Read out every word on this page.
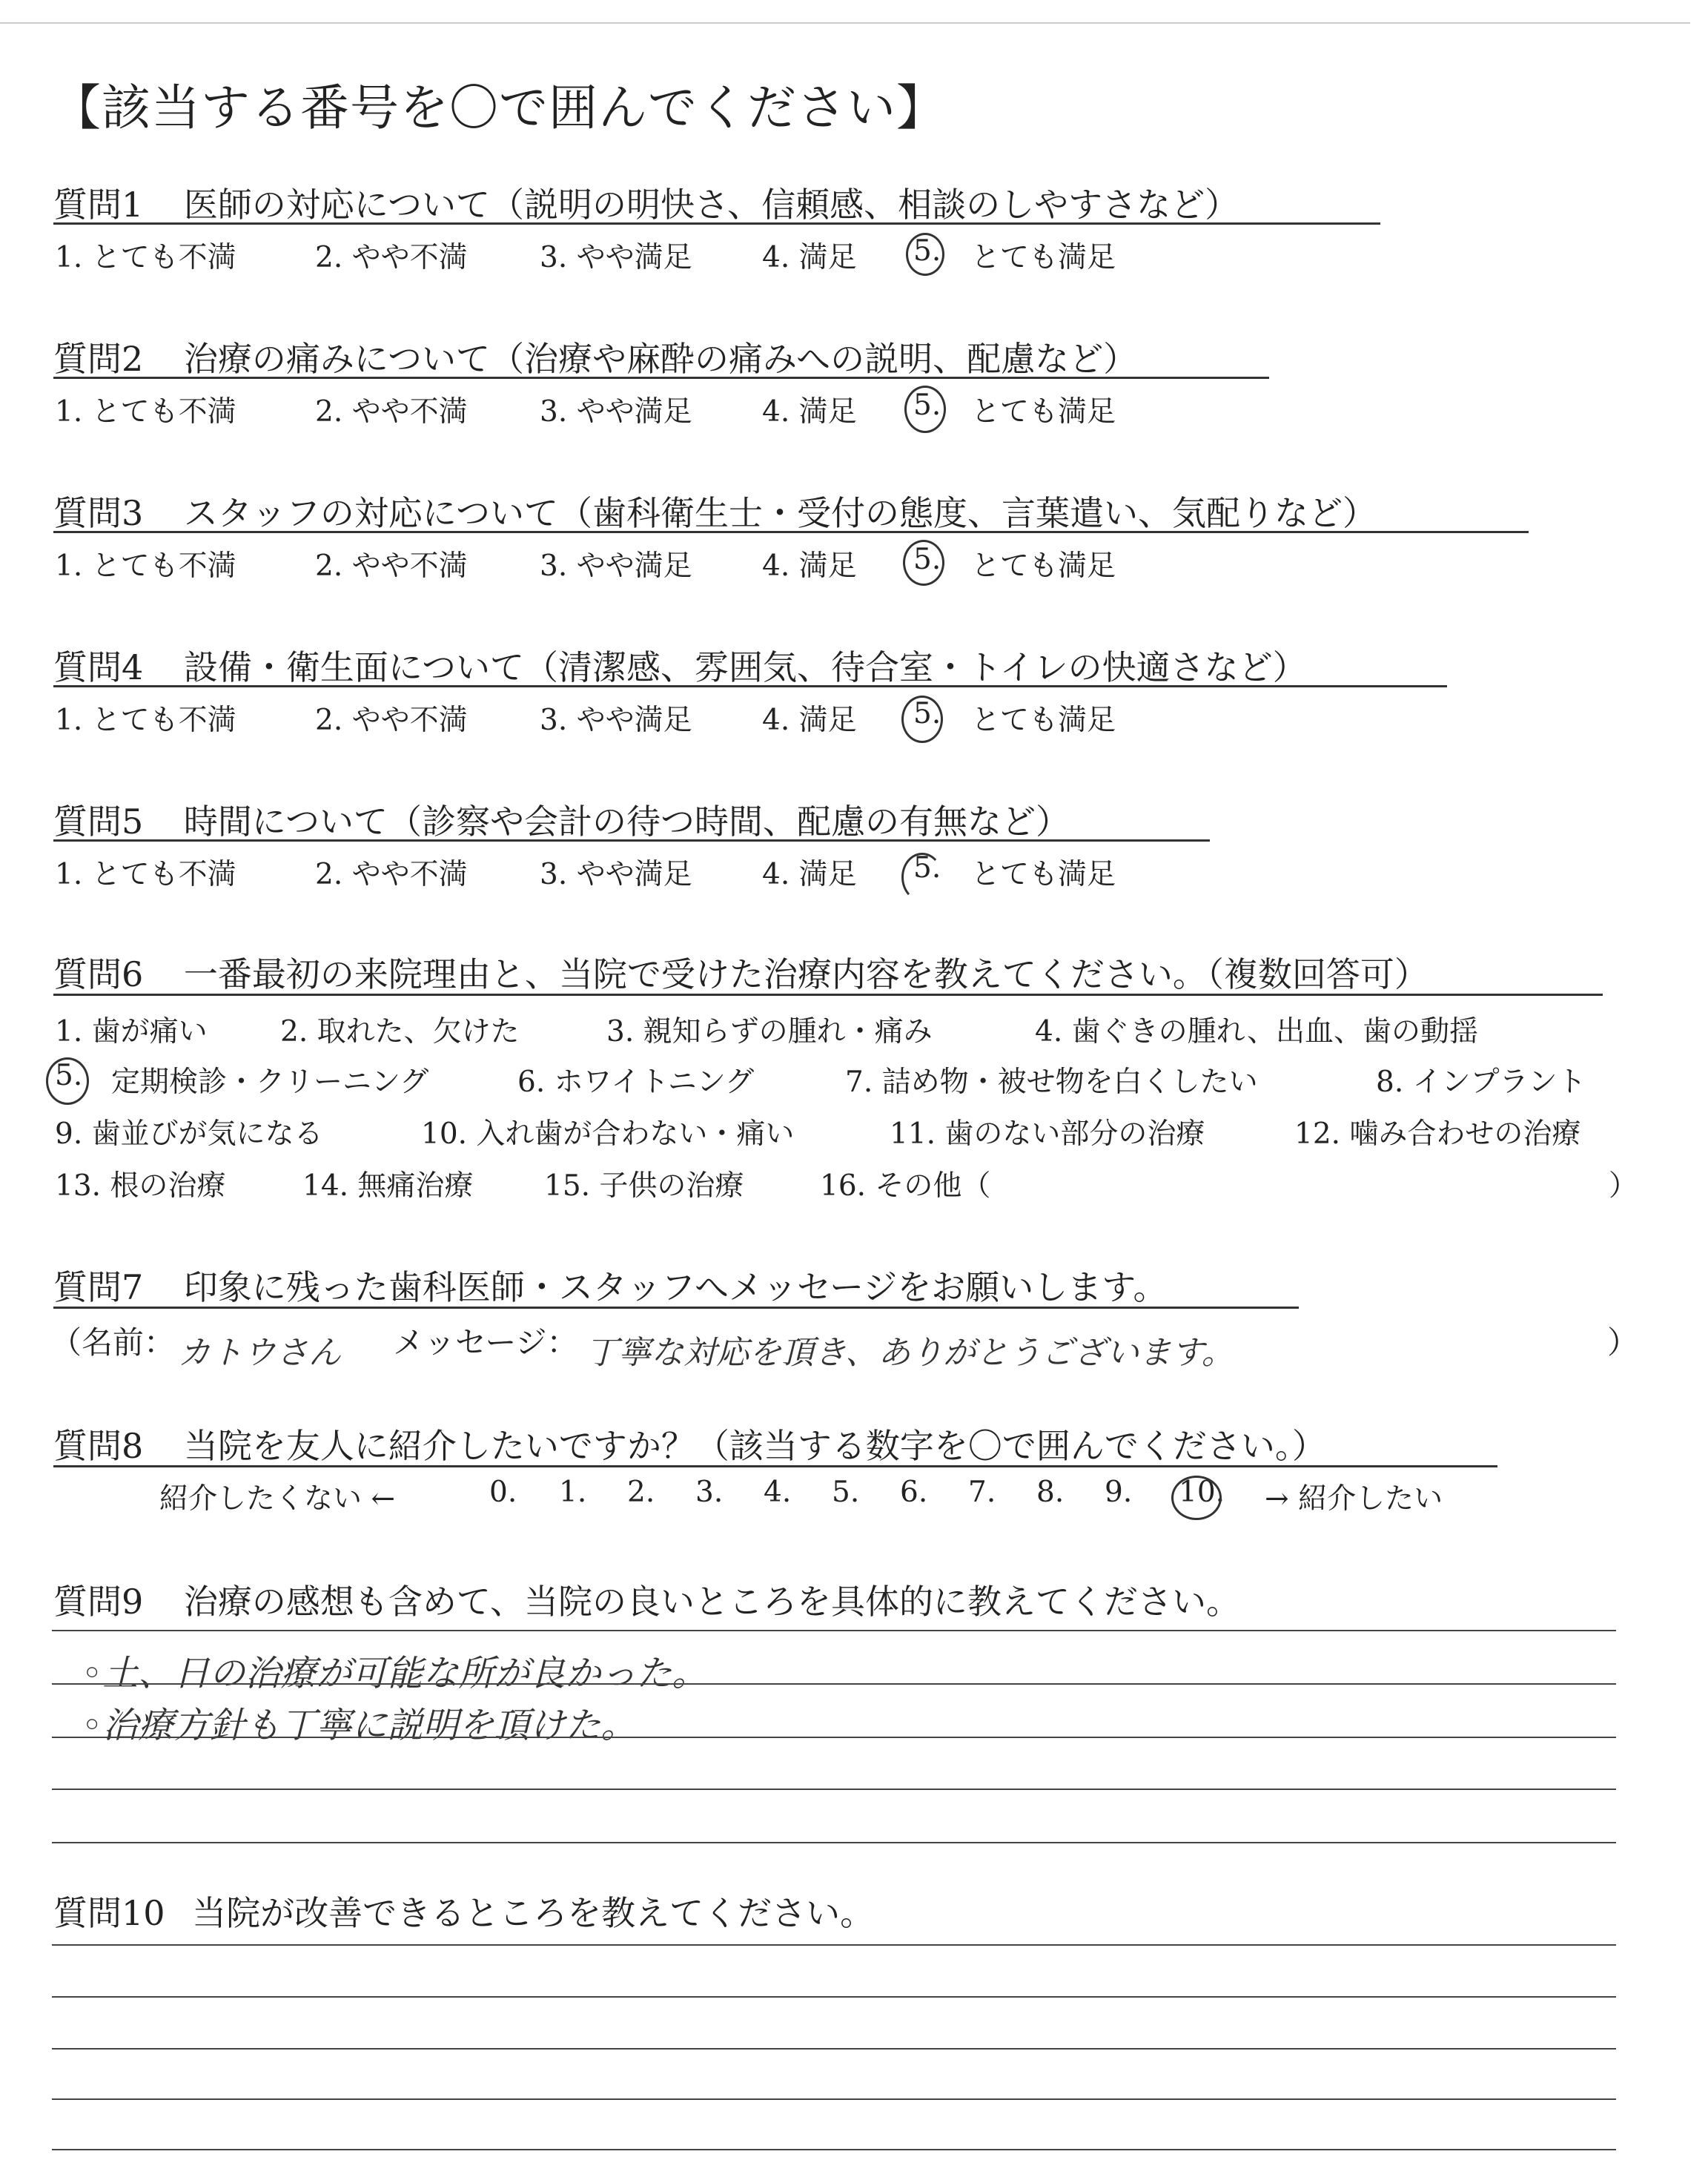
【該当する番号を〇で囲んでください】
質問1 医師の対応について（説明の明快さ、信頼感、相談のしやすさなど）
1. とても不満	2. やや不満 3. やや満足 4. 満足 5. とても満足
質問2 治療の痛みについて（治療や麻酔の痛みへの説明、配慮など）
1. とても不満	2. やや不満 3. やや満足 4. 満足 5. とても満足
質問3 スタッフの対応について（歯科衛生士・受付の態度、言葉遣い、気配りなど）
1. とても不満	2. やや不満 3. やや満足 4. 満足 5. とても満足
質問4 設備・衛生面について（清潔感、雰囲気、待合室・トイレの快適さなど）
1. とても不満	2. やや不満 3. やや満足 4. 満足 5. とても満足
質問5 時間について（診察や会計の待つ時間、配慮の有無など）
1. とても不満	2. やや不満 3. やや満足 4. 満足 5. とても満足
質問6 一番最初の来院理由と、当院で受けた治療内容を教えてください。（複数回答可）
1. 歯が痛い	2. 取れた、欠けた	3. 親知らずの腫れ・痛み	4. 歯ぐきの腫れ、出血、歯の動揺
5. 定期検診・クリーニング	6. ホワイトニング	7. 詰め物・被せ物を白くしたい	8. インプラント
9. 歯並びが気になる	10. 入れ歯が合わない・痛い	11. 歯のない部分の治療	12. 噛み合わせの治療
13. 根の治療	14. 無痛治療 15. 子供の治療	16. その他（	）
質問7 印象に残った歯科医師・スタッフへメッセージをお願いします。
（名前： カトウさん メッセージ： 丁寧な対応を頂き、ありがとうございます。	）
質問8 当院を友人に紹介したいですか？（該当する数字を〇で囲んでください。）
紹介したくない ←	0. 1. 2. 3. 4. 5. 6. 7. 8. 9. 10. → 紹介したい
質問9 治療の感想も含めて、当院の良いところを具体的に教えてください。
◦土、日の治療が可能な所が良かった。
◦治療方針も丁寧に説明を頂けた。
質問10 当院が改善できるところを教えてください。
